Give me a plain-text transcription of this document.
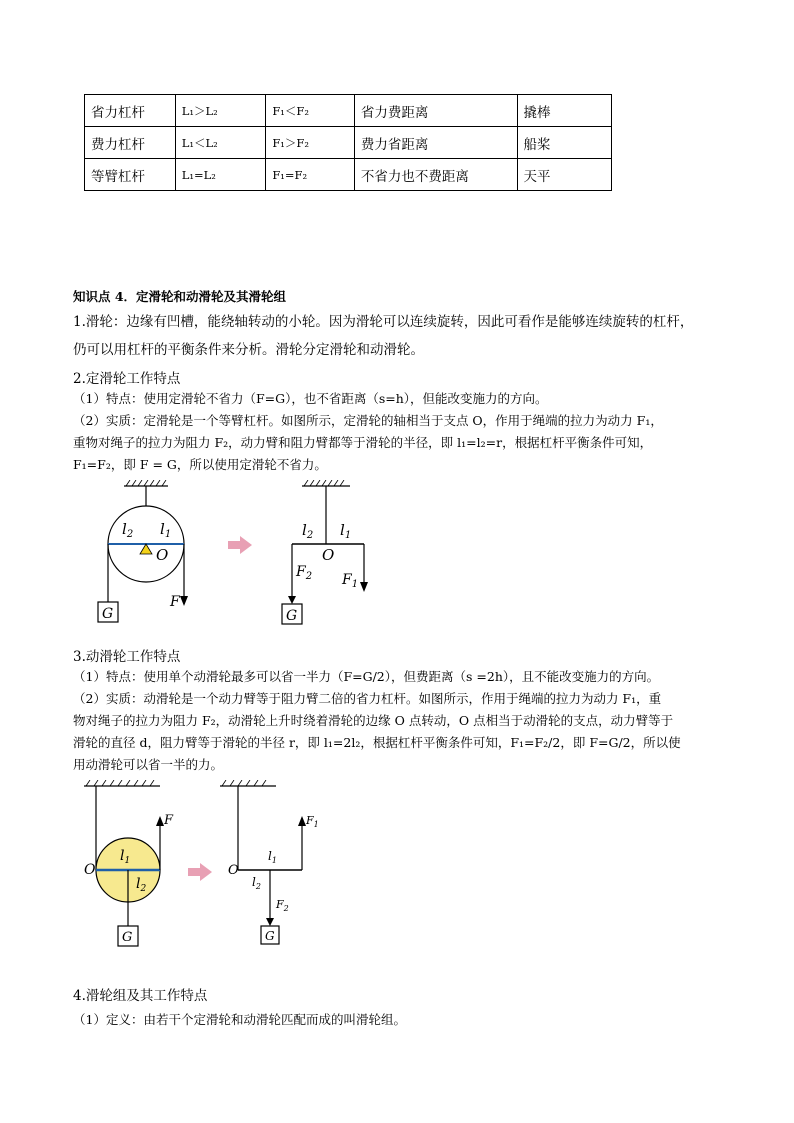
省力杠杆	L₁＞L₂	F₁＜F₂	省力费距离	撬棒
费力杠杆	L₁＜L₂	F₁＞F₂	费力省距离	船桨
等臂杠杆	L₁=L₂	F₁=F₂	不省力也不费距离	天平
知识点 4．定滑轮和动滑轮及其滑轮组
1.滑轮：边缘有凹槽，能绕轴转动的小轮。因为滑轮可以连续旋转，因此可看作是能够连续旋转的杠杆，
仍可以用杠杆的平衡条件来分析。滑轮分定滑轮和动滑轮。
2.定滑轮工作特点
（1）特点：使用定滑轮不省力（F=G），也不省距离（s=h），但能改变施力的方向。
（2）实质：定滑轮是一个等臂杠杆。如图所示，定滑轮的轴相当于支点 O，作用于绳端的拉力为动力 F₁，
重物对绳子的拉力为阻力 F₂，动力臂和阻力臂都等于滑轮的半径，即 l₁=l₂=r，根据杠杆平衡条件可知，
F₁=F₂，即 F = G，所以使用定滑轮不省力。
$l_2$ $l_1$
O
F
G
$l_2$ $l_1$
O
$F_2$ $F_1$
G
3.动滑轮工作特点
（1）特点：使用单个动滑轮最多可以省一半力（F=G/2），但费距离（s =2h），且不能改变施力的方向。
（2）实质：动滑轮是一个动力臂等于阻力臂二倍的省力杠杆。如图所示，作用于绳端的拉力为动力 F₁，重
物对绳子的拉力为阻力 F₂，动滑轮上升时绕着滑轮的边缘 O 点转动，O 点相当于动滑轮的支点，动力臂等于
滑轮的直径 d，阻力臂等于滑轮的半径 r，即 l₁=2l₂，根据杠杆平衡条件可知，F₁=F₂/2，即 F=G/2，所以使
用动滑轮可以省一半的力。
F
O
$l_1$
$l_2$
G
$F_1$
O
$l_1$
$l_2$
$F_2$
G
4.滑轮组及其工作特点
（1）定义：由若干个定滑轮和动滑轮匹配而成的叫滑轮组。
